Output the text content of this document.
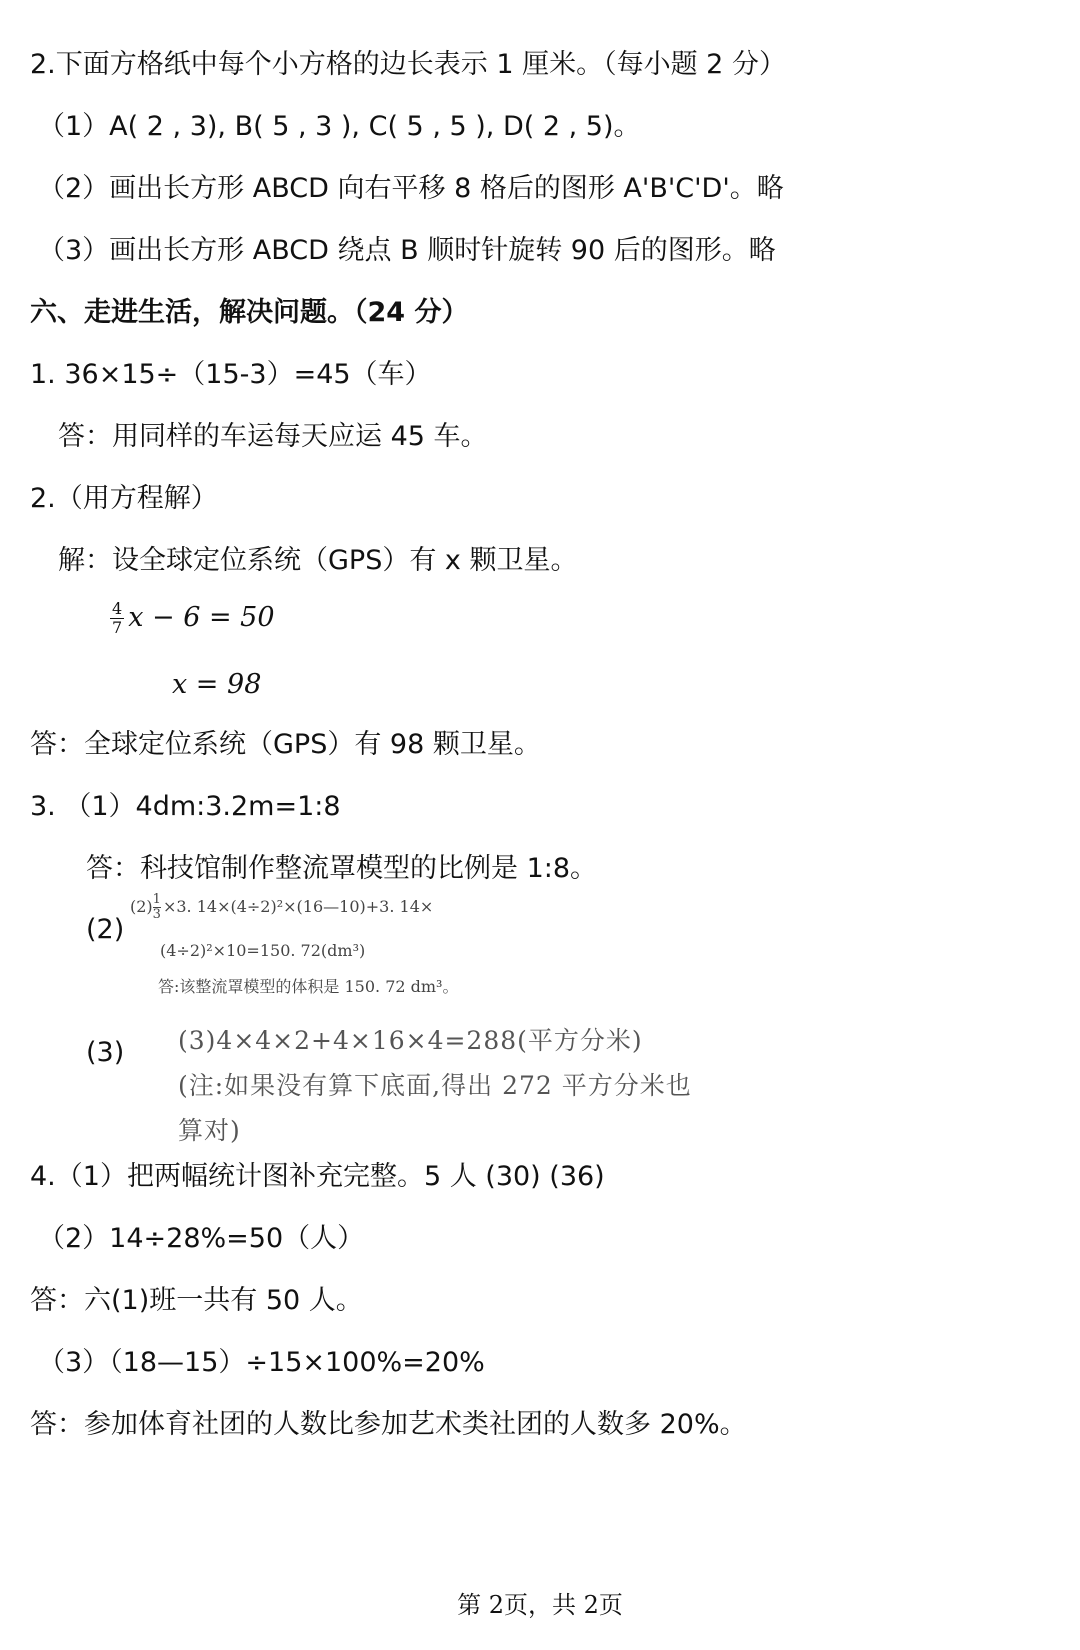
2.下面方格纸中每个小方格的边长表示 1 厘米。（每小题 2 分）
（1）A( 2 , 3), B( 5 , 3 ), C( 5 , 5 ), D( 2 , 5)。
（2）画出长方形 ABCD 向右平移 8 格后的图形 A'B'C'D'。略
（3）画出长方形 ABCD 绕点 B 顺时针旋转 90 后的图形。略
六、走进生活，解决问题。（24 分）
1. 36×15÷（15-3）=45（车）
答：用同样的车运每天应运 45 车。
2.（用方程解）
解：设全球定位系统（GPS）有 x 颗卫星。
$\frac{4}{7}$ x − 6 = 50
x = 98
答：全球定位系统（GPS）有 98 颗卫星。
3. （1）4dm:3.2m=1:8
答：科技馆制作整流罩模型的比例是 1:8。
(2)
$(2) \frac{1}{3} \times 3$. 14×(4÷2)²×(16—10)+3. 14×
(4÷2)²×10=150. 72(dm³)
答:该整流罩模型的体积是 150. 72 dm³。
(3) (3)4×4×2+4×16×4=288(平方分米)
(注:如果没有算下底面,得出 272 平方分米也
算对)
4.（1）把两幅统计图补充完整。5 人 (30) (36)
（2）14÷28%=50（人）
答：六(1)班一共有 50 人。
（3）（18—15）÷15×100%=20%
答：参加体育社团的人数比参加艺术类社团的人数多 20%。
第 2页，共 2页
